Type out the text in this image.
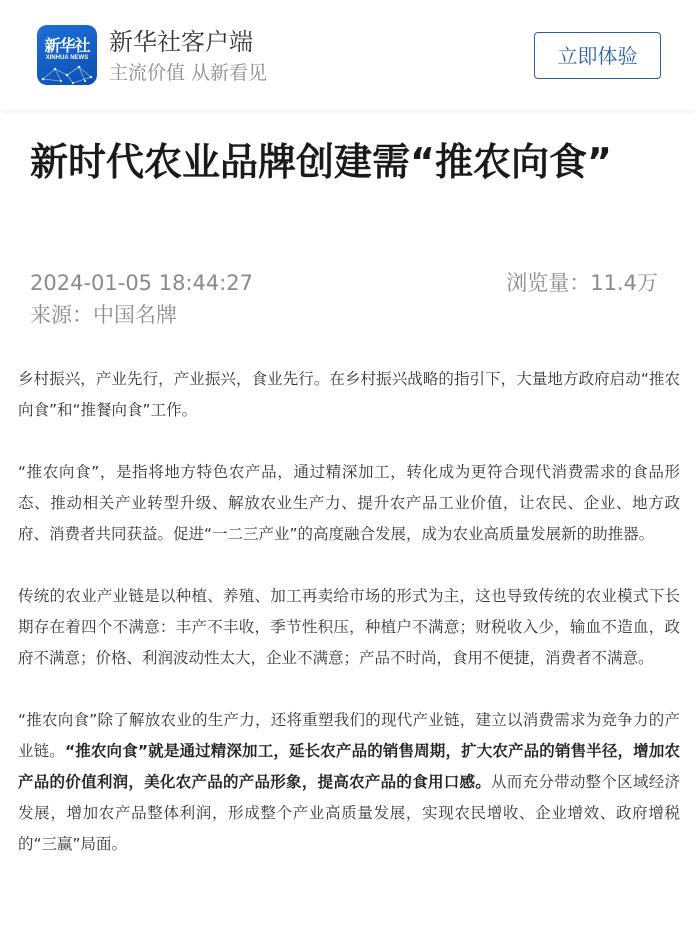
新华社
XINHUA NEWS
新华社客户端
主流价值 从新看见
立即体验
新时代农业品牌创建需“推农向食”
2024-01-05 18:44:27
来源：中国名牌
浏览量：11.4万

乡村振兴，产业先行，产业振兴，食业先行。在乡村振兴战略的指引下，大量地方政府启动“推农向食”和“推餐向食”工作。

“推农向食”，是指将地方特色农产品，通过精深加工，转化成为更符合现代消费需求的食品形态、推动相关产业转型升级、解放农业生产力、提升农产品工业价值，让农民、企业、地方政府、消费者共同获益。促进“一二三产业”的高度融合发展，成为农业高质量发展新的助推器。

传统的农业产业链是以种植、养殖、加工再卖给市场的形式为主，这也导致传统的农业模式下长期存在着四个不满意：丰产不丰收，季节性积压，种植户不满意；财税收入少，输血不造血，政府不满意；价格、利润波动性太大，企业不满意；产品不时尚，食用不便捷，消费者不满意。

“推农向食”除了解放农业的生产力，还将重塑我们的现代产业链，建立以消费需求为竞争力的产业链。“推农向食”就是通过精深加工，延长农产品的销售周期，扩大农产品的销售半径，增加农产品的价值利润，美化农产品的产品形象，提高农产品的食用口感。从而充分带动整个区域经济发展，增加农产品整体利润，形成整个产业高质量发展，实现农民增收、企业增效、政府增税的“三赢”局面。
